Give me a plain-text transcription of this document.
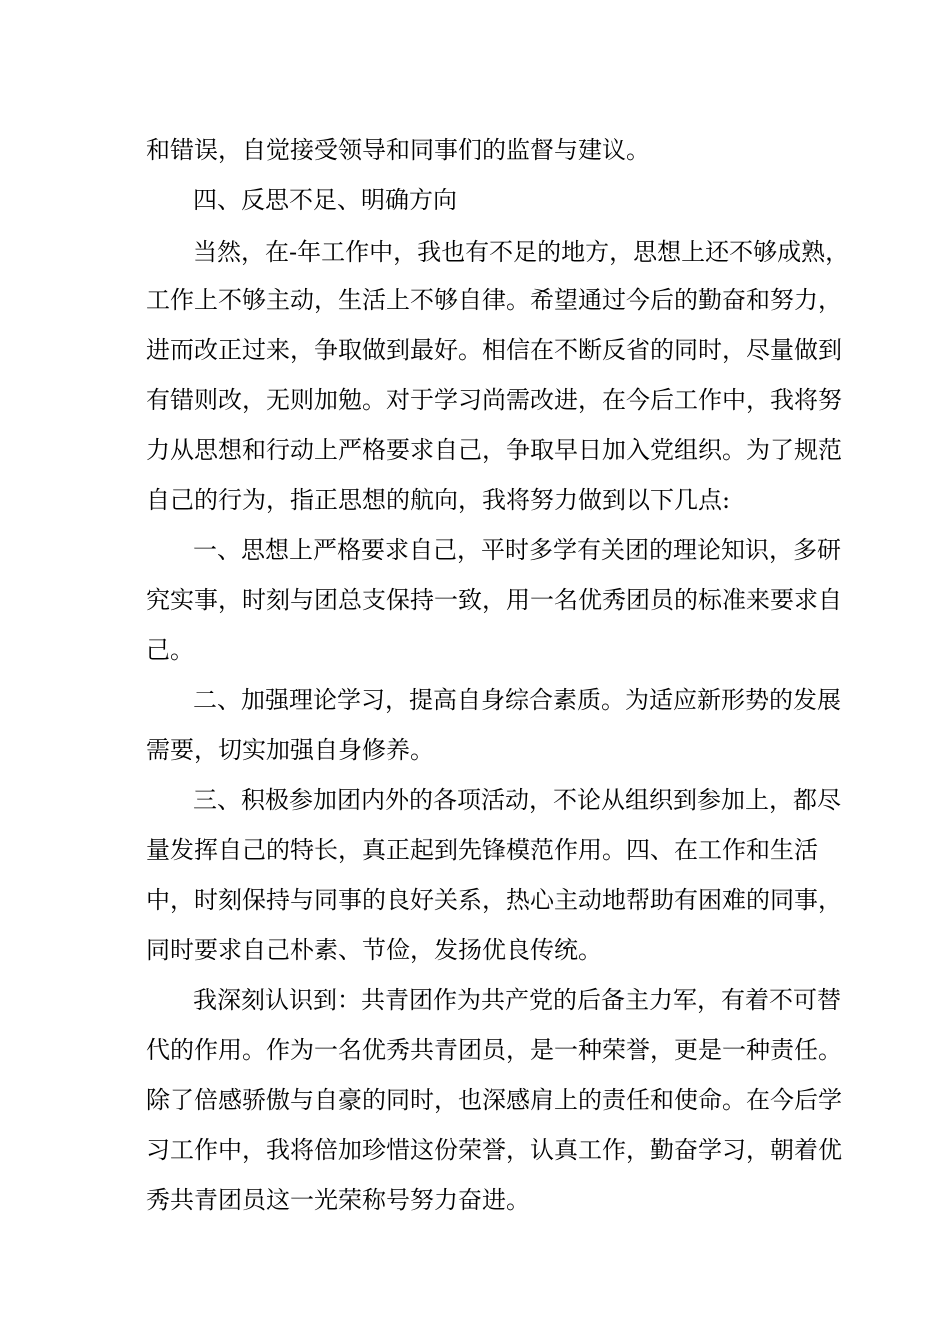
和错误，自觉接受领导和同事们的监督与建议。
四、反思不足、明确方向
当然，在-年工作中，我也有不足的地方，思想上还不够成熟，
工作上不够主动，生活上不够自律。希望通过今后的勤奋和努力，
进而改正过来，争取做到最好。相信在不断反省的同时，尽量做到
有错则改，无则加勉。对于学习尚需改进，在今后工作中，我将努
力从思想和行动上严格要求自己，争取早日加入党组织。为了规范
自己的行为，指正思想的航向，我将努力做到以下几点:
一、思想上严格要求自己，平时多学有关团的理论知识，多研
究实事，时刻与团总支保持一致，用一名优秀团员的标准来要求自
己。
二、加强理论学习，提高自身综合素质。为适应新形势的发展
需要，切实加强自身修养。
三、积极参加团内外的各项活动，不论从组织到参加上，都尽
量发挥自己的特长，真正起到先锋模范作用。四、在工作和生活
中，时刻保持与同事的良好关系，热心主动地帮助有困难的同事，
同时要求自己朴素、节俭，发扬优良传统。
我深刻认识到：共青团作为共产党的后备主力军，有着不可替
代的作用。作为一名优秀共青团员，是一种荣誉，更是一种责任。
除了倍感骄傲与自豪的同时，也深感肩上的责任和使命。在今后学
习工作中，我将倍加珍惜这份荣誉，认真工作，勤奋学习，朝着优
秀共青团员这一光荣称号努力奋进。
